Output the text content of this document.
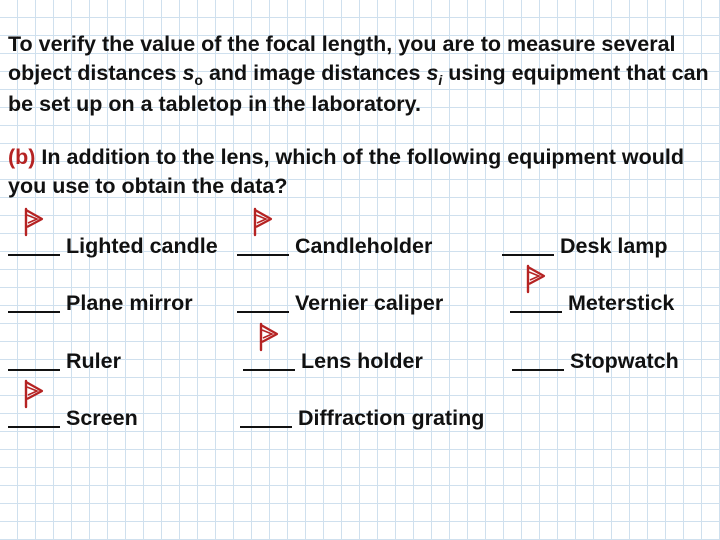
To verify the value of the focal length, you are to measure several object distances $s_o$ and image distances $s_i$ using equipment that can be set up on a tabletop in the laboratory.

(b) In addition to the lens, which of the following equipment would you use to obtain the data?

Lighted candle	Candleholder	Desk lamp
Plane mirror	Vernier caliper	Meterstick
Ruler	Lens holder	Stopwatch
Screen	Diffraction grating
